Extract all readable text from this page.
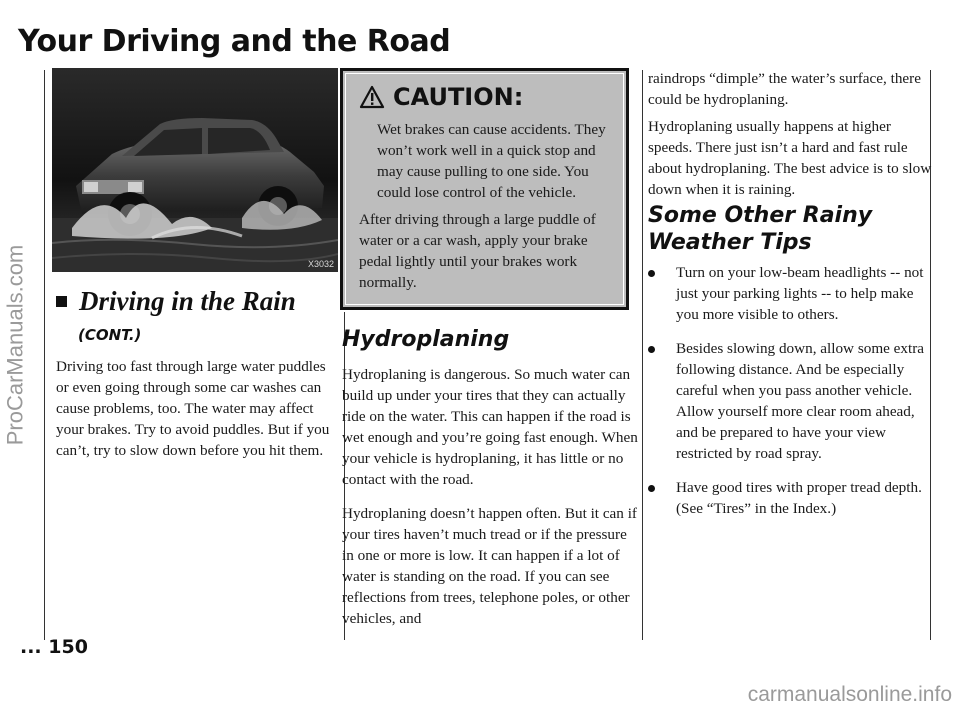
Your Driving and the Road
ProCarManuals.com	X3032
Driving in the Rain
(CONT.)

Driving too fast through large water puddles or even going through some car washes can cause problems, too. The water may affect your brakes. Try to avoid puddles. But if you can’t, try to slow down before you hit them.

CAUTION:

Wet brakes can cause accidents. They won’t work well in a quick stop and may cause pulling to one side. You could lose control of the vehicle.

After driving through a large puddle of water or a car wash, apply your brake pedal lightly until your brakes work normally.

Hydroplaning

Hydroplaning is dangerous. So much water can build up under your tires that they can actually ride on the water. This can happen if the road is wet enough and you’re going fast enough. When your vehicle is hydroplaning, it has little or no contact with the road.

Hydroplaning doesn’t happen often. But it can if your tires haven’t much tread or if the pressure in one or more is low. It can happen if a lot of water is standing on the road. If you can see reflections from trees, telephone poles, or other vehicles, and

raindrops “dimple” the water’s surface, there could be hydroplaning.

Hydroplaning usually happens at higher speeds. There just isn’t a hard and fast rule about hydroplaning. The best advice is to slow down when it is raining.

Some Other Rainy
Weather Tips
Turn on your low-beam headlights -- not just your parking lights -- to help make you more visible to others.
Besides slowing down, allow some extra following distance. And be especially careful when you pass another vehicle. Allow yourself more clear room ahead, and be prepared to have your view restricted by road spray.
Have good tires with proper tread depth. (See “Tires” in the Index.)
... 150
carmanualsonline.info
